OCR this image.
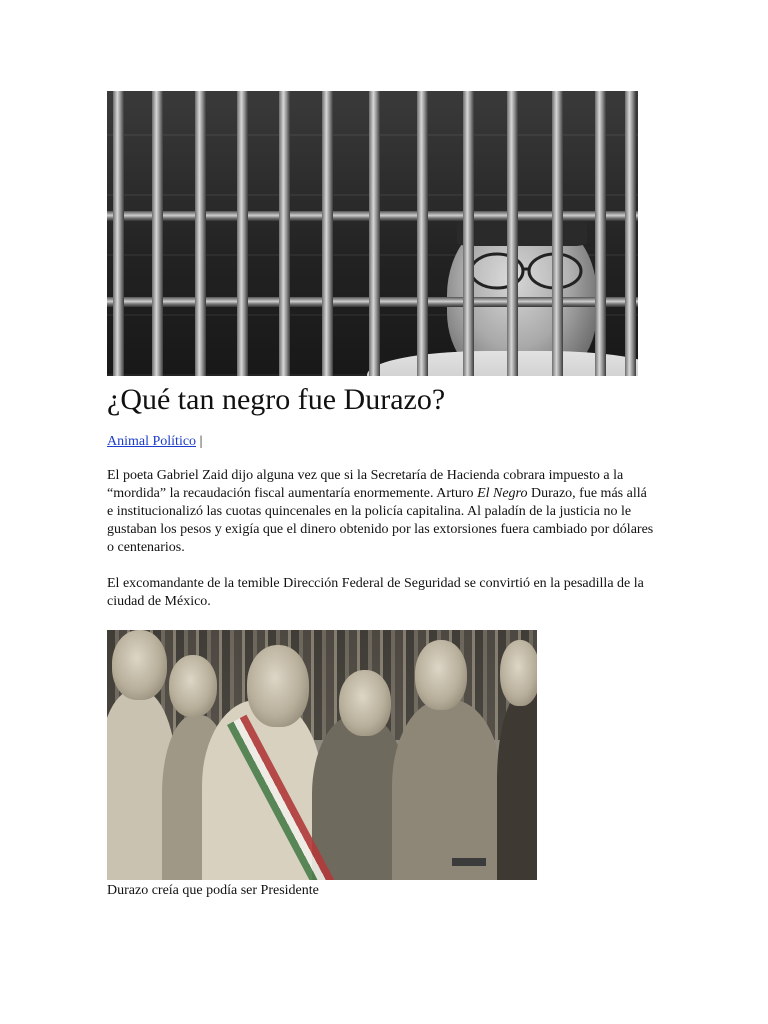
¿Qué tan negro fue Durazo?
Animal Político |

El poeta Gabriel Zaid dijo alguna vez que si la Secretaría de Hacienda cobrara impuesto a la “mordida” la recaudación fiscal aumentaría enormemente. Arturo El Negro Durazo, fue más allá e institucionalizó las cuotas quincenales en la policía capitalina. Al paladín de la justicia no le gustaban los pesos y exigía que el dinero obtenido por las extorsiones fuera cambiado por dólares o centenarios.

El excomandante de la temible Dirección Federal de Seguridad se convirtió en la pesadilla de la ciudad de México.

Durazo creía que podía ser Presidente
